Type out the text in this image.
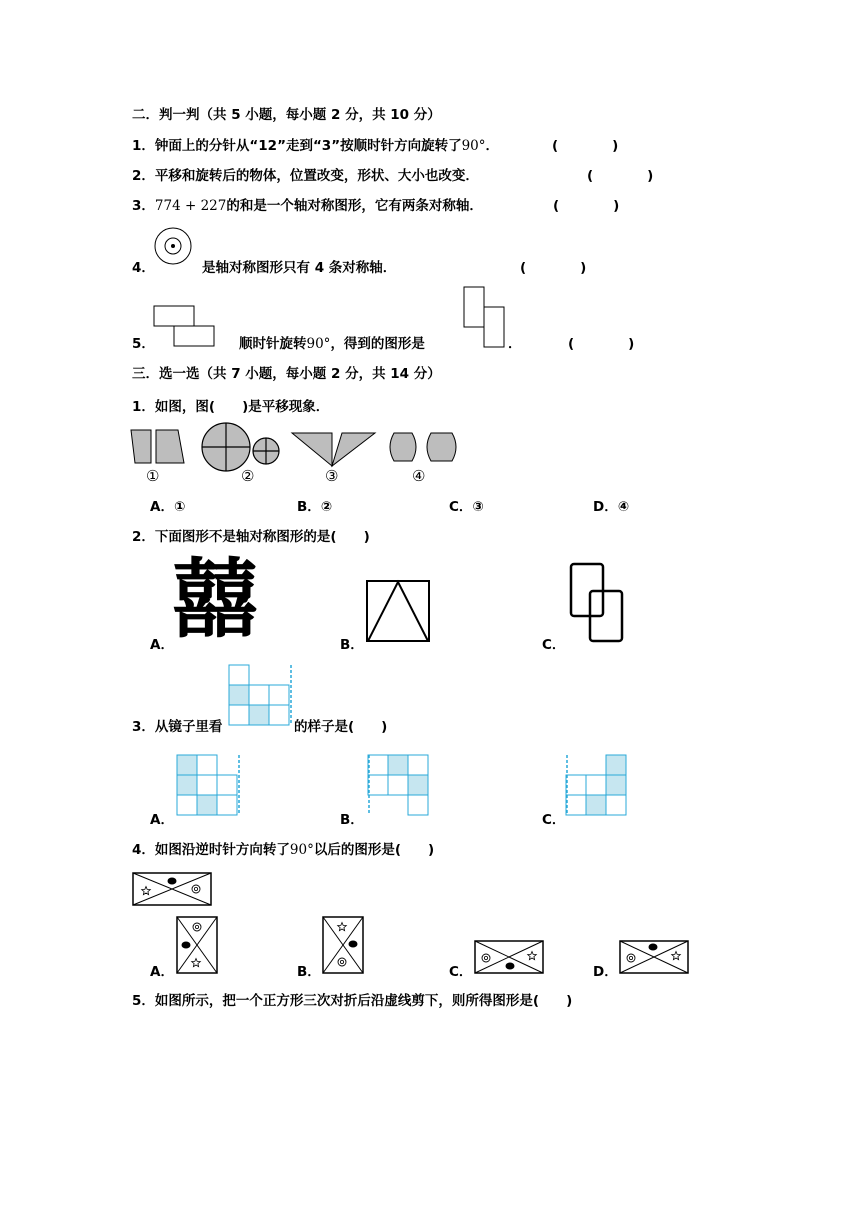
二．判一判（共 5 小题，每小题 2 分，共 10 分）
1．钟面上的分针从“12”走到“3”按顺时针方向旋转了90°．	(　　　　)
2．平移和旋转后的物体，位置改变，形状、大小也改变．	(　　　　)
3．774 + 227的和是一个轴对称图形，它有两条对称轴．	(　　　　)
4．	是轴对称图形只有 4 条对称轴．	(　　　　)
5．	顺时针旋转90°，得到的图形是	．	(　　　　)
三．选一选（共 7 小题，每小题 2 分，共 14 分）
1．如图，图(　　)是平移现象．
①	②	③	④
A．①	B．②	C．③	D．④
2．下面图形不是轴对称图形的是(　　)
A．
囍	B．	C．
3．从镜子里看	的样子是(　　)
A．	B．	C．
4．如图沿逆时针方向转了90°以后的图形是(　　)
A．	B．	C．	D．
5．如图所示，把一个正方形三次对折后沿虚线剪下，则所得图形是(　　)
